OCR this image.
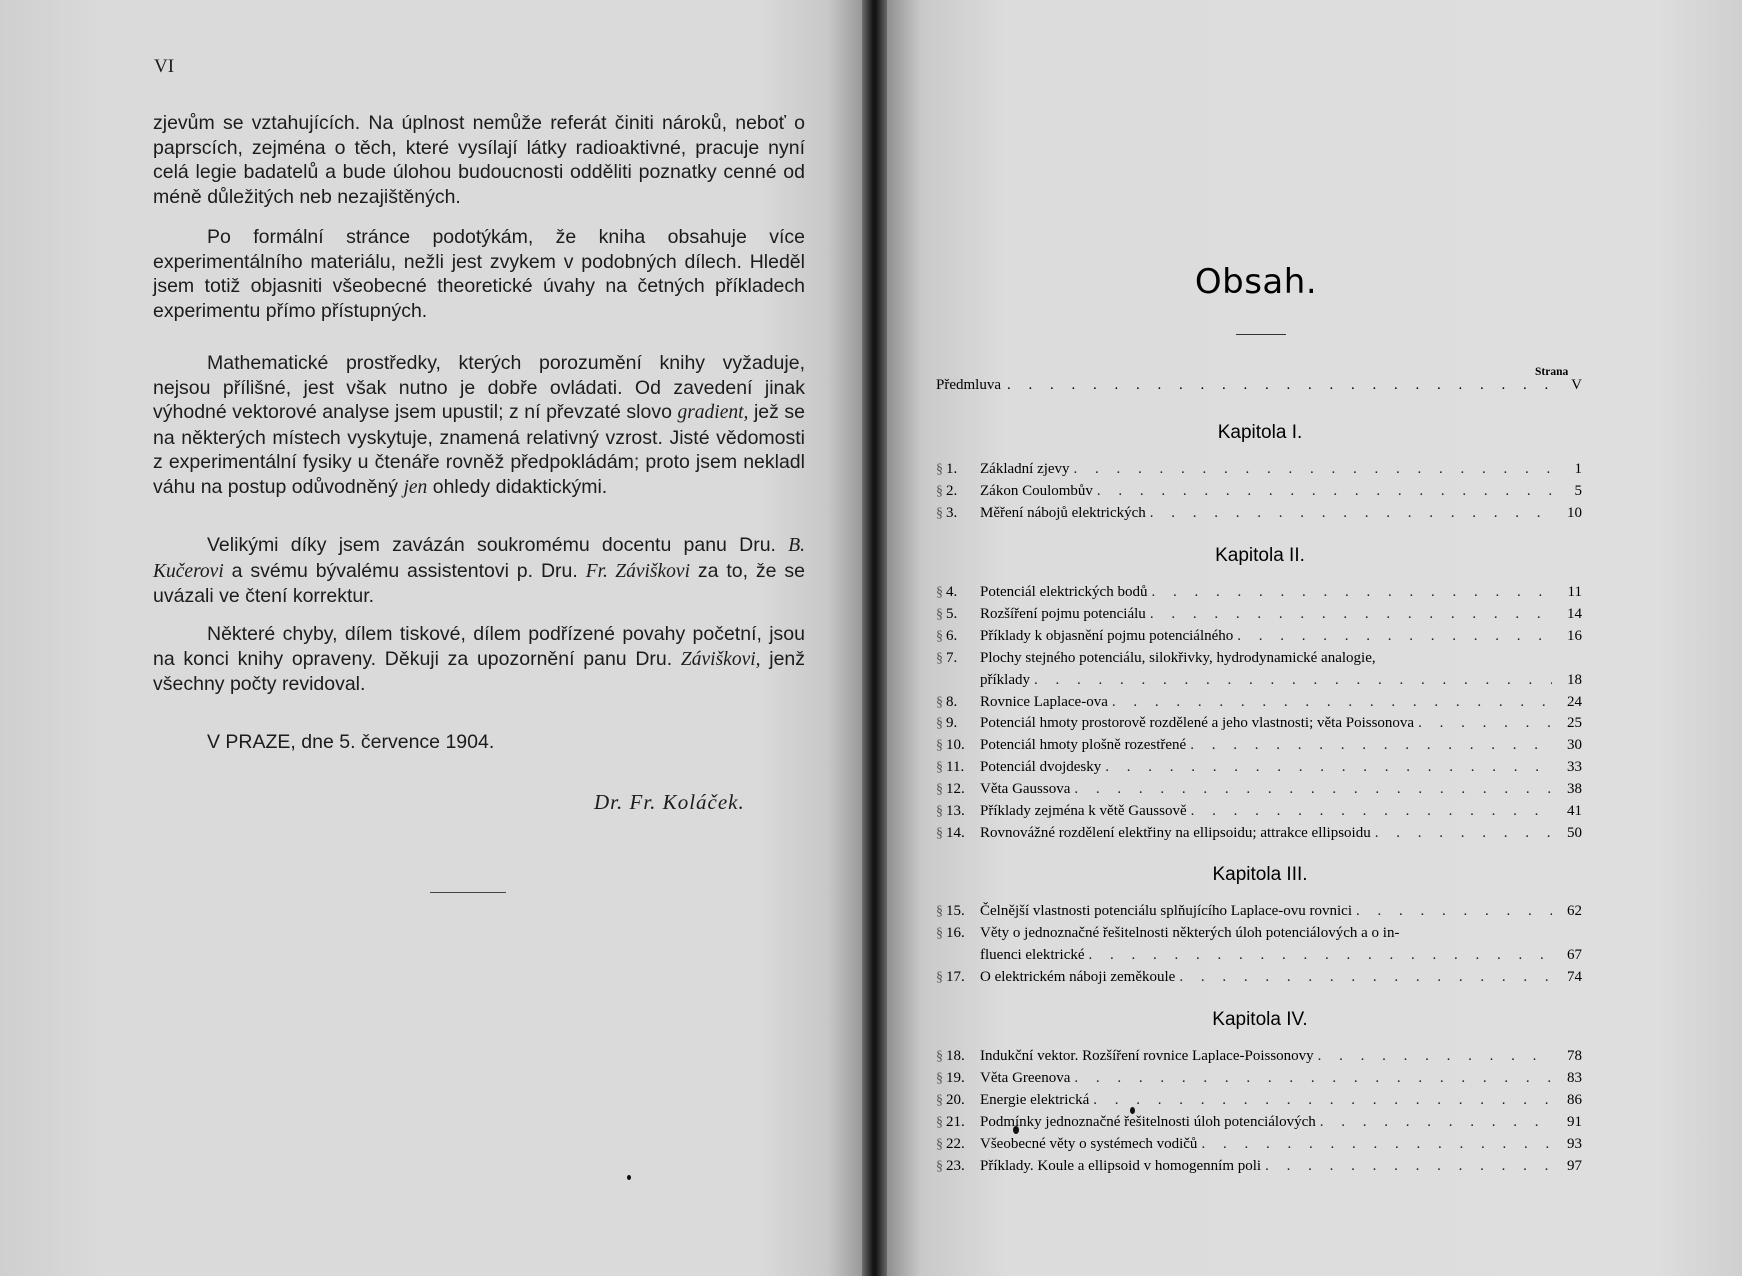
VI

zjevům se vztahujících. Na úplnost nemůže referát činiti nároků, neboť o paprscích, zejména o těch, které vysílají látky radioaktivné, pracuje nyní celá legie badatelů a bude úlohou budoucnosti odděliti poznatky cenné od méně důležitých neb nezajištěných.

Po formální stránce podotýkám, že kniha obsahuje více experimentálního materiálu, nežli jest zvykem v podobných dílech. Hleděl jsem totiž objasniti všeobecné theoretické úvahy na četných příkladech experimentu přímo přístupných.

Mathematické prostředky, kterých porozumění knihy vyžaduje, nejsou přílišné, jest však nutno je dobře ovládati. Od zavedení jinak výhodné vektorové analyse jsem upustil; z ní převzaté slovo gradient, jež se na některých místech vyskytuje, znamená relativný vzrost. Jisté vědomosti z experimentální fysiky u čtenáře rovněž předpokládám; proto jsem nekladl váhu na postup odůvodněný jen ohledy didaktickými.

Velikými díky jsem zavázán soukromému docentu panu Dru. B. Kučerovi a svému bývalému assistentovi p. Dru. Fr. Záviškovi za to, že se uvázali ve čtení korrektur.

Některé chyby, dílem tiskové, dílem podřízené povahy početní, jsou na konci knihy opraveny. Děkuji za upozornění panu Dru. Záviškovi, jenž všechny počty revidoval.

V PRAZE, dne 5. července 1904.
Dr. Fr. Koláček.
Obsah.
Strana
Předmluva . . .	V
Kapitola I.
§ 1.	Základní zjevy . . .	1
§ 2.	Zákon Coulombův . . .	5
§ 3.	Měření nábojů elektrických . . .	10
Kapitola II.
§ 4.	Potenciál elektrických bodů . . .	11
§ 5.	Rozšíření pojmu potenciálu . . .	14
§ 6.	Příklady k objasnění pojmu potenciálného . . .	16
§ 7.	Plochy stejného potenciálu, silokřivky, hydrodynamické analogie,
příklady . . .	18
§ 8.	Rovnice Laplace-ova . . .	24
§ 9.	Potenciál hmoty prostorově rozdělené a jeho vlastnosti; věta Poissonova . . .	25
§ 10.	Potenciál hmoty plošně rozestřené . . .	30
§ 11.	Potenciál dvojdesky . . .	33
§ 12.	Věta Gaussova . . .	38
§ 13.	Příklady zejména k větě Gaussově . . .	41
§ 14.	Rovnovážné rozdělení elektřiny na ellipsoidu; attrakce ellipsoidu . . .	50
Kapitola III.
§ 15.	Čelnější vlastnosti potenciálu splňujícího Laplace-ovu rovnici . . .	62
§ 16.	Věty o jednoznačné řešitelnosti některých úloh potenciálových a o in-
fluenci elektrické . . .	67
§ 17.	O elektrickém náboji zeměkoule . . .	74
Kapitola IV.
§ 18.	Indukční vektor. Rozšíření rovnice Laplace-Poissonovy . . .	78
§ 19.	Věta Greenova . . .	83
§ 20.	Energie elektrická . . .	86
§ 21.	Podmínky jednoznačné řešitelnosti úloh potenciálových . . .	91
§ 22.	Všeobecné věty o systémech vodičů . . .	93
§ 23.	Příklady. Koule a ellipsoid v homogenním poli . . .	97
